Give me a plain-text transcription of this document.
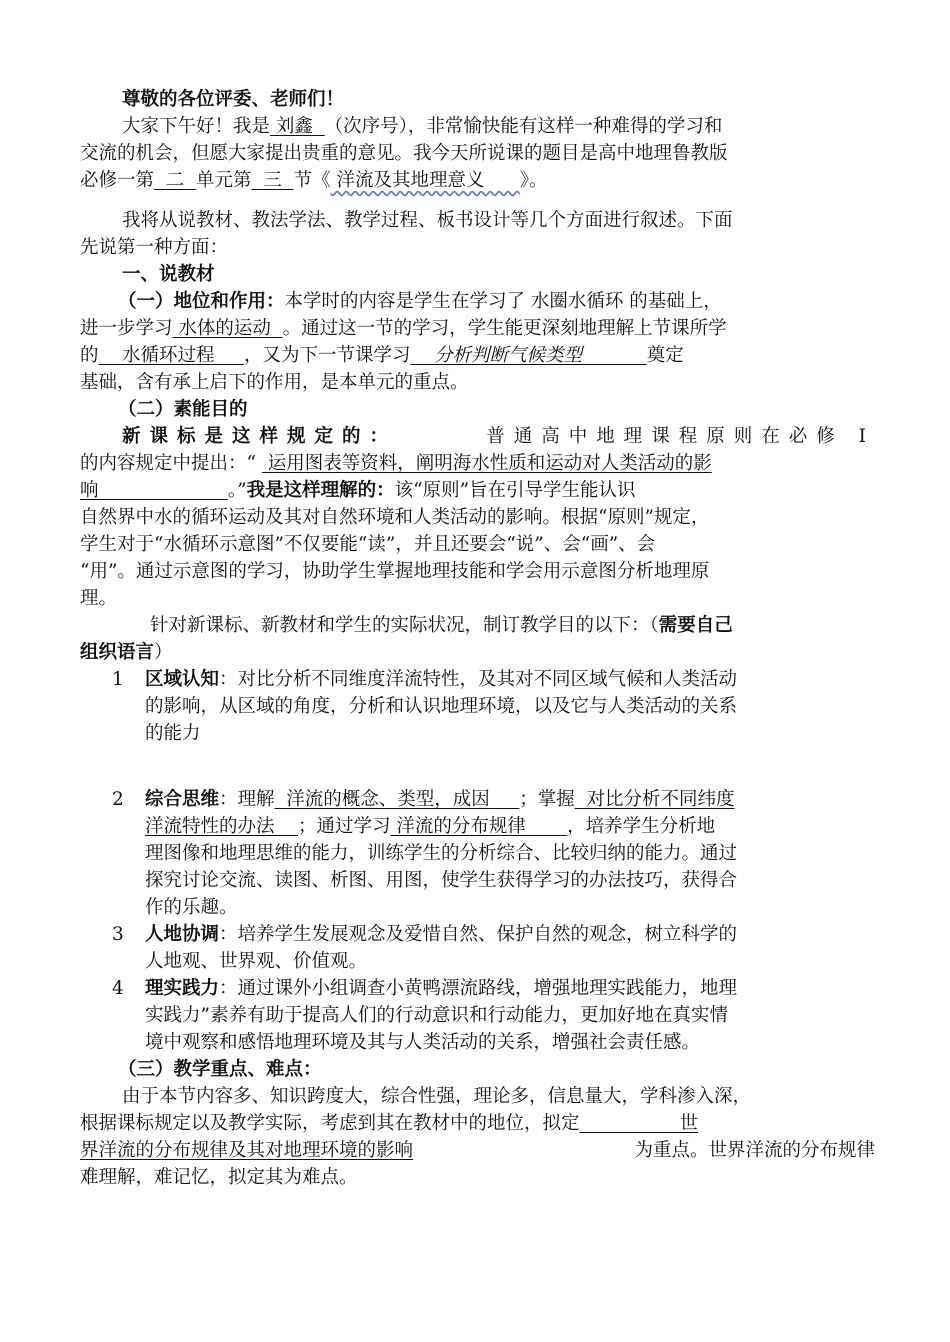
尊敬的各位评委、老师们！
大家下午好！我是 刘鑫  （次序号），非常愉快能有这样一种难得的学习和
交流的机会，但愿大家提出贵重的意见。我今天所说课的题目是高中地理鲁教版
必修一第  二  单元第  三  节《 洋流及其地理意义      》。
我将从说教材、教法学法、教学过程、板书设计等几个方面进行叙述。下面
先说第一种方面：
一、说教材
（一）地位和作用：本学时的内容是学生在学习了 水圈水循环 的基础上，
进一步学习 水体的运动  。通过这一节的学习，学生能更深刻地理解上节课所学
的    水循环过程     ，又为下一节课学习    分析判断气候类型           奠定
基础，含有承上启下的作用，是本单元的重点。
（二）素能目的
新课标是这样规定的：	普通高中地理课程原则在必修 I
的内容规定中提出：“  运用图表等资料，阐明海水性质和运动对人类活动的影
响                      。”我是这样理解的：该“原则”旨在引导学生能认识
自然界中水的循环运动及其对自然环境和人类活动的影响。根据“原则”规定，
学生对于“水循环示意图”不仅要能“读”，并且还要会“说”、会“画”、会
“用”。通过示意图的学习，协助学生掌握地理技能和学会用示意图分析地理原
理。
针对新课标、新教材和学生的实际状况，制订教学目的以下：（需要自己
组织语言）
1 区域认知：对比分析不同维度洋流特性，及其对不同区域气候和人类活动
的影响，从区域的角度，分析和认识地理环境，以及它与人类活动的关系
的能力
2 综合思维：理解  洋流的概念、类型，成因     ；掌握  对比分析不同纬度
洋流特性的办法    ；通过学习 洋流的分布规律       ，培养学生分析地
理图像和地理思维的能力，训练学生的分析综合、比较归纳的能力。通过
探究讨论交流、读图、析图、用图，使学生获得学习的办法技巧，获得合
作的乐趣。
3 人地协调：培养学生发展观念及爱惜自然、保护自然的观念，树立科学的
人地观、世界观、价值观。
4 理实践力：通过课外小组调查小黄鸭漂流路线，增强地理实践能力，地理
实践力”素养有助于提高人们的行动意识和行动能力，更加好地在真实情
境中观察和感悟地理环境及其与人类活动的关系，增强社会责任感。
（三）教学重点、难点：
由于本节内容多、知识跨度大，综合性强，理论多，信息量大，学科渗入深，
根据课标规定以及教学实际，考虑到其在教材中的地位，拟定	世
界洋流的分布规律及其对地理环境的影响	为重点。世界洋流的分布规律
难理解，难记忆，拟定其为难点。
